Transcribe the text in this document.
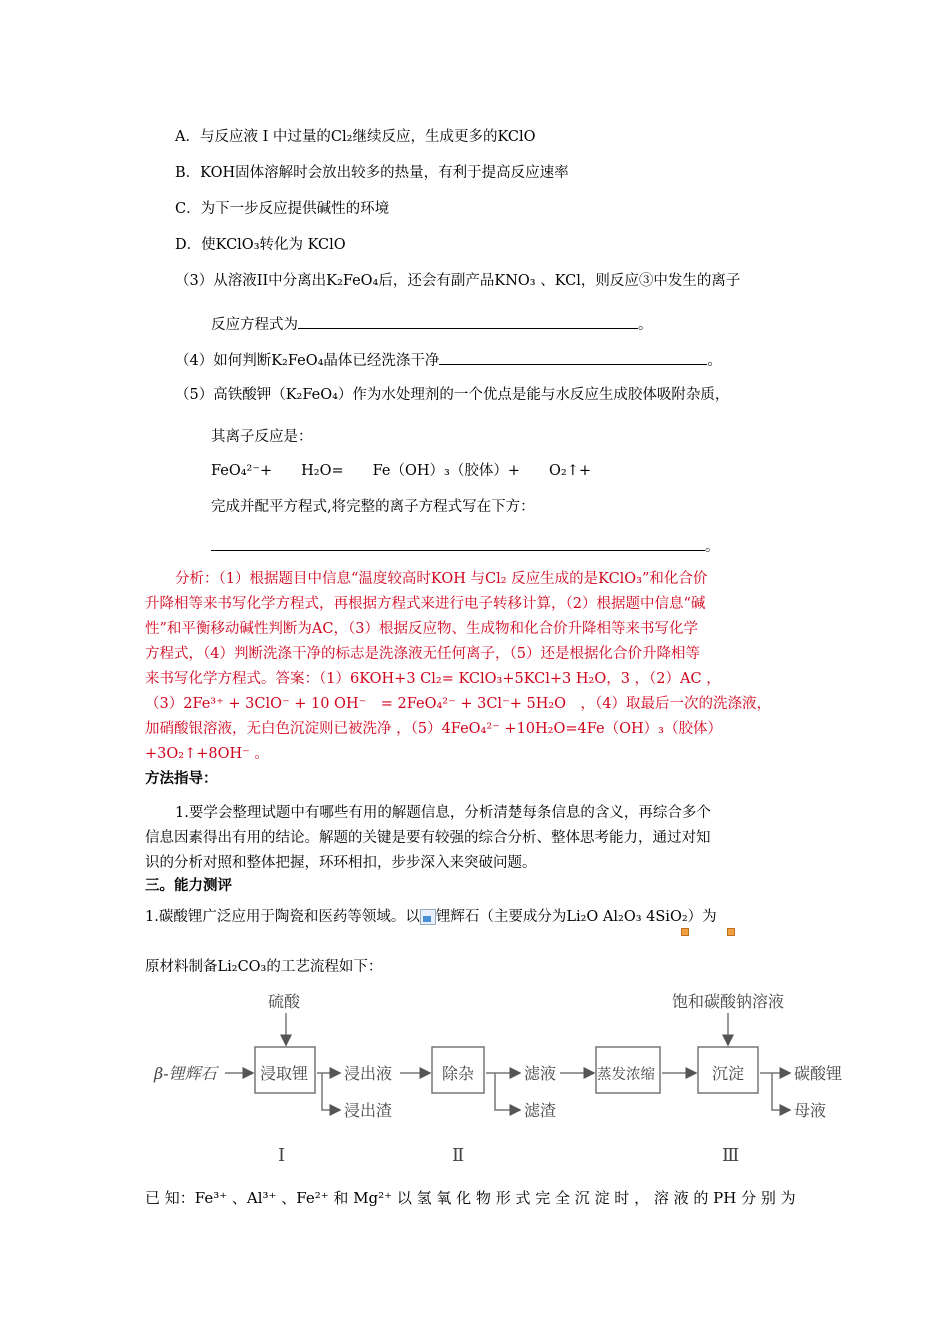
A．与反应液 I 中过量的Cl₂继续反应，生成更多的KClO
B．KOH固体溶解时会放出较多的热量，有利于提高反应速率
C．为下一步反应提供碱性的环境
D．使KClO₃转化为 KClO
（3）从溶液II中分离出K₂FeO₄后，还会有副产品KNO₃ 、KCl，则反应③中发生的离子
反应方程式为	。
（4）如何判断K₂FeO₄晶体已经洗涤干净	。
（5）高铁酸钾（K₂FeO₄）作为水处理剂的一个优点是能与水反应生成胶体吸附杂质，
其离子反应是：
FeO₄²⁻+　　H₂O=　　Fe（OH）₃（胶体）+　　O₂↑+
完成并配平方程式,将完整的离子方程式写在下方：
。
分析：（1）根据题目中信息“温度较高时KOH 与Cl₂ 反应生成的是KClO₃”和化合价
升降相等来书写化学方程式，再根据方程式来进行电子转移计算，（2）根据题中信息“碱
性”和平衡移动碱性判断为AC，（3）根据反应物、生成物和化合价升降相等来书写化学
方程式，（4）判断洗涤干净的标志是洗涤液无任何离子，（5）还是根据化合价升降相等
来书写化学方程式。答案：（1）6KOH+3 Cl₂= KClO₃+5KCl+3 H₂O，3 ，（2）AC ，
（3）2Fe³⁺ + 3ClO⁻ + 10 OH⁻　= 2FeO₄²⁻ + 3Cl⁻+ 5H₂O　，（4）取最后一次的洗涤液，
加硝酸银溶液，无白色沉淀则已被洗净 ，（5）4FeO₄²⁻ +10H₂O=4Fe（OH）₃（胶体）
+3O₂↑+8OH⁻ 。
方法指导：
1.要学会整理试题中有哪些有用的解题信息，分析清楚每条信息的含义，再综合多个
信息因素得出有用的结论。解题的关键是要有较强的综合分析、整体思考能力，通过对知
识的分析对照和整体把握，环环相扣，步步深入来突破问题。
三。能力测评
1.碳酸锂广泛应用于陶瓷和医药等领域。以 锂辉石（主要成分为Li₂O Al₂O₃ 4SiO₂）为
原材料制备Li₂CO₃的工艺流程如下：
硫酸	饱和碳酸钠溶液
β-锂辉石	浸取锂 浸出液
浸出渣
除杂	滤液
滤渣
蒸发浓缩	沉淀	碳酸锂
母液
Ⅰ	Ⅱ	Ⅲ
已 知：Fe³⁺ 、Al³⁺ 、Fe²⁺ 和 Mg²⁺ 以 氢 氧 化 物 形 式 完 全 沉 淀 时 ， 溶 液 的 PH 分 别 为
